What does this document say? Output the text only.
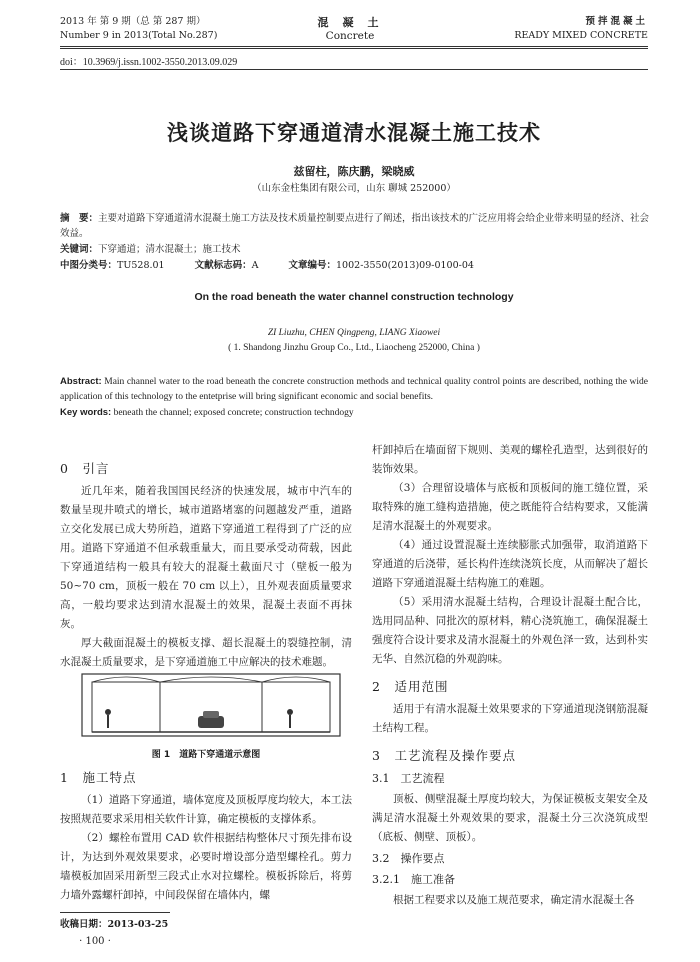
2013 年 第 9 期（总 第 287 期）
Number 9 in 2013(Total No.287)
混凝土
Concrete
预拌混凝土
READY MIXED CONCRETE
doi：10.3969/j.issn.1002-3550.2013.09.029
浅谈道路下穿通道清水混凝土施工技术
兹留柱，陈庆鹏，梁晓威
（山东金柱集团有限公司，山东 聊城 252000）
摘　要：主要对道路下穿通道清水混凝土施工方法及技术质量控制要点进行了阐述，指出该技术的广泛应用将会给企业带来明显的经济、社会效益。
关键词：下穿通道；清水混凝土；施工技术
中图分类号：TU528.01	文献标志码：A	文章编号：1002-3550(2013)09-0100-04
On the road beneath the water channel construction technology
ZI Liuzhu, CHEN Qingpeng, LIANG Xiaowei
( 1. Shandong Jinzhu Group Co., Ltd., Liaocheng 252000, China )
Abstract: Main channel water to the road beneath the concrete construction methods and technical quality control points are described, nothing the wide application of this technology to the entetprise will bring significant economic and social benefits.
Key words: beneath the channel; exposed concrete; construction techndogy
0　引言

近几年来，随着我国国民经济的快速发展，城市中汽车的数量呈现井喷式的增长，城市道路堵塞的问题越发严重，道路立交化发展已成大势所趋，道路下穿通道工程得到了广泛的应用。道路下穿通道不但承载重量大，而且要承受动荷载，因此下穿通道结构一般具有较大的混凝土截面尺寸（壁板一般为 50~70 cm，顶板一般在 70 cm 以上），且外观表面质量要求高，一般均要求达到清水混凝土的效果，混凝土表面不再抹灰。

厚大截面混凝土的模板支撑、超长混凝土的裂缝控制，清水混凝土质量要求，是下穿通道施工中应解决的技术难题。

图 1　道路下穿通道示意图
1　施工特点

（1）道路下穿通道，墙体宽度及顶板厚度均较大，本工法按照规范要求采用相关软件计算，确定模板的支撑体系。

（2）螺栓布置用 CAD 软件根据结构整体尺寸预先排布设计，为达到外观效果要求，必要时增设部分造型螺栓孔。剪力墙模板加固采用新型三段式止水对拉螺栓。模板拆除后，将剪力墙外露螺杆卸掉，中间段保留在墙体内，螺

收稿日期：2013-03-25
· 100 ·

杆卸掉后在墙面留下规则、美观的螺栓孔造型，达到很好的装饰效果。

（3）合理留设墙体与底板和顶板间的施工缝位置，采取特殊的施工缝构造措施，使之既能符合结构要求，又能满足清水混凝土的外观要求。

（4）通过设置混凝土连续膨胀式加强带，取消道路下穿通道的后浇带，延长构件连续浇筑长度，从而解决了超长道路下穿通道混凝土结构施工的难题。

（5）采用清水混凝土结构，合理设计混凝土配合比，选用同品种、同批次的原材料，精心浇筑施工，确保混凝土强度符合设计要求及清水混凝土的外观色泽一致，达到朴实无华、自然沉稳的外观韵味。

2　适用范围

适用于有清水混凝土效果要求的下穿通道现浇钢筋混凝土结构工程。

3　工艺流程及操作要点
3.1　工艺流程

顶板、侧壁混凝土厚度均较大，为保证模板支架安全及满足清水混凝土外观效果的要求，混凝土分三次浇筑成型（底板、侧壁、顶板）。

3.2　操作要点
3.2.1　施工准备

根据工程要求以及施工规范要求，确定清水混凝土各
